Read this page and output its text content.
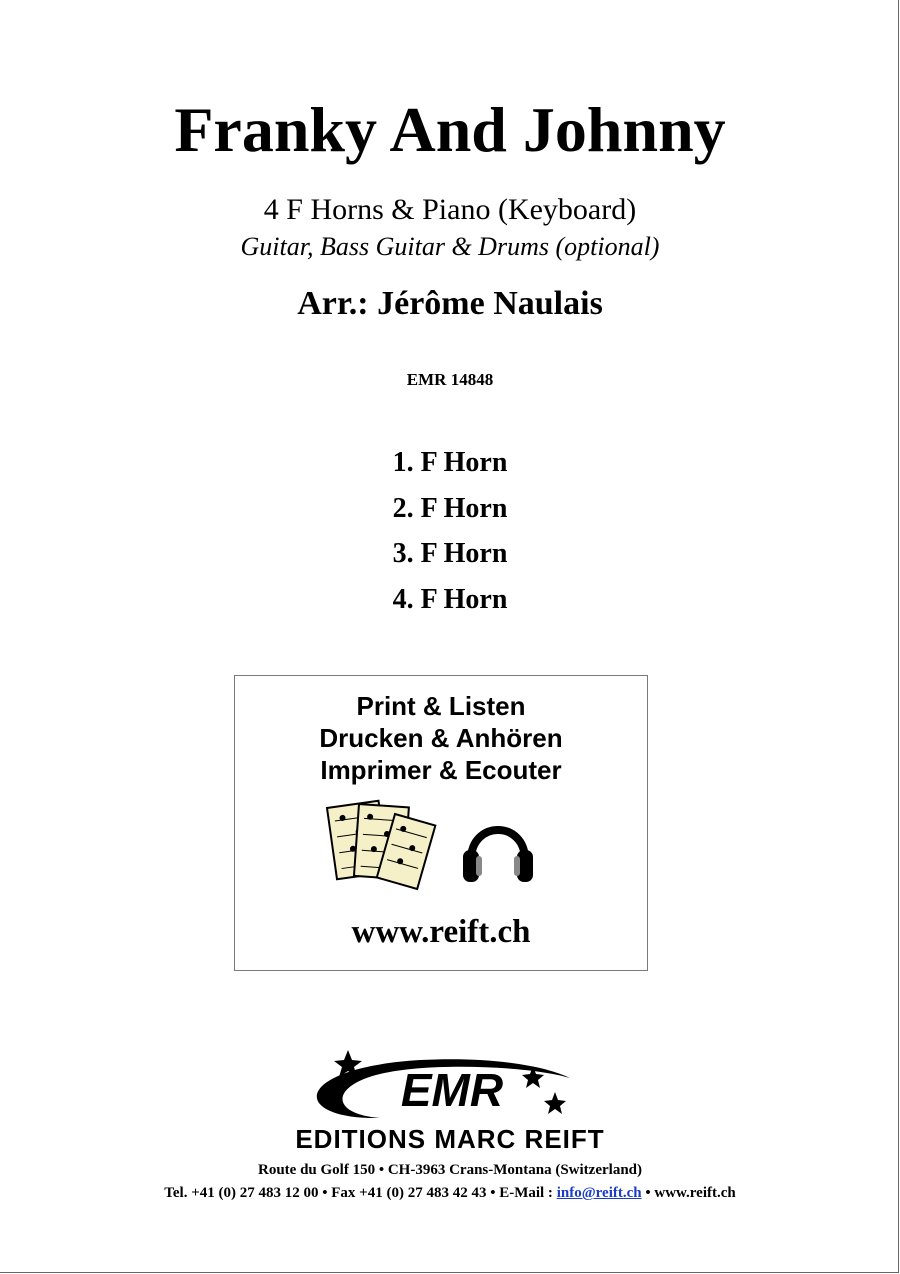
Franky And Johnny
4 F Horns & Piano (Keyboard)
Guitar, Bass Guitar & Drums (optional)
Arr.: Jérôme Naulais
EMR 14848
1. F Horn
2. F Horn
3. F Horn
4. F Horn
Print & Listen
Drucken & Anhören
Imprimer & Ecouter
www.reift.ch
EMR
EDITIONS MARC REIFT
Route du Golf 150 • CH-3963 Crans-Montana (Switzerland)
Tel. +41 (0) 27 483 12 00 • Fax +41 (0) 27 483 42 43 • E-Mail : info@reift.ch • www.reift.ch
